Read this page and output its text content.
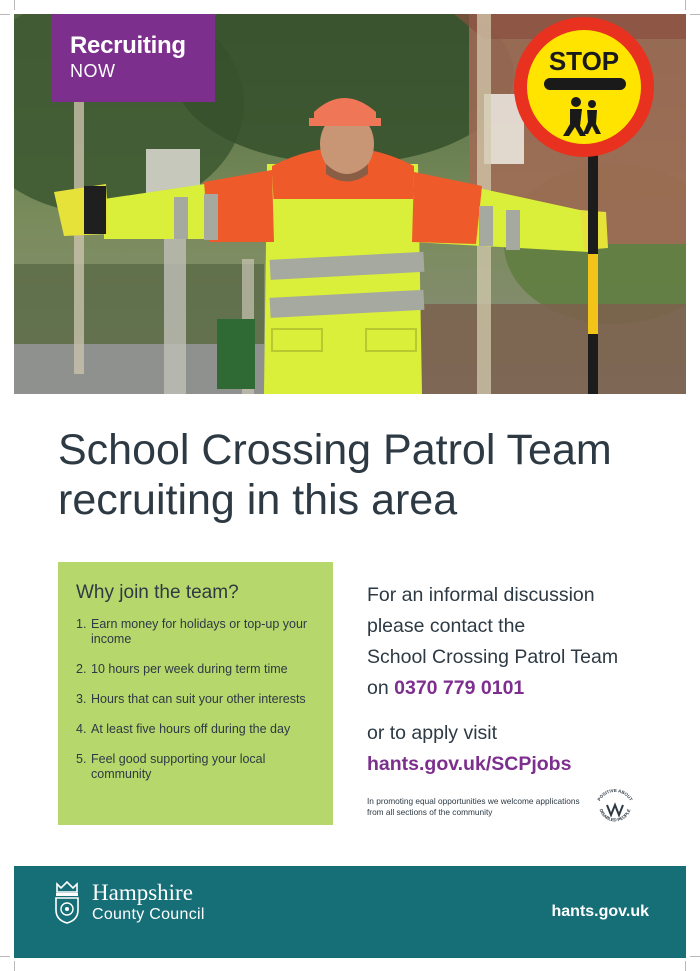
STOP
Recruiting
NOW
School Crossing Patrol Team
recruiting in this area
Why join the team?
1. Earn money for holidays or top-up your income
2. 10 hours per week during term time
3. Hours that can suit your other interests
4. At least five hours off during the day
5. Feel good supporting your local community
For an informal discussion
please contact the
School Crossing Patrol Team
on 0370 779 0101
or to apply visit
hants.gov.uk/SCPjobs
In promoting equal opportunities we welcome applications from all sections of the community
POSITIVE ABOUT
DISABLED PEOPLE
Hampshire
County Council	hants.gov.uk
